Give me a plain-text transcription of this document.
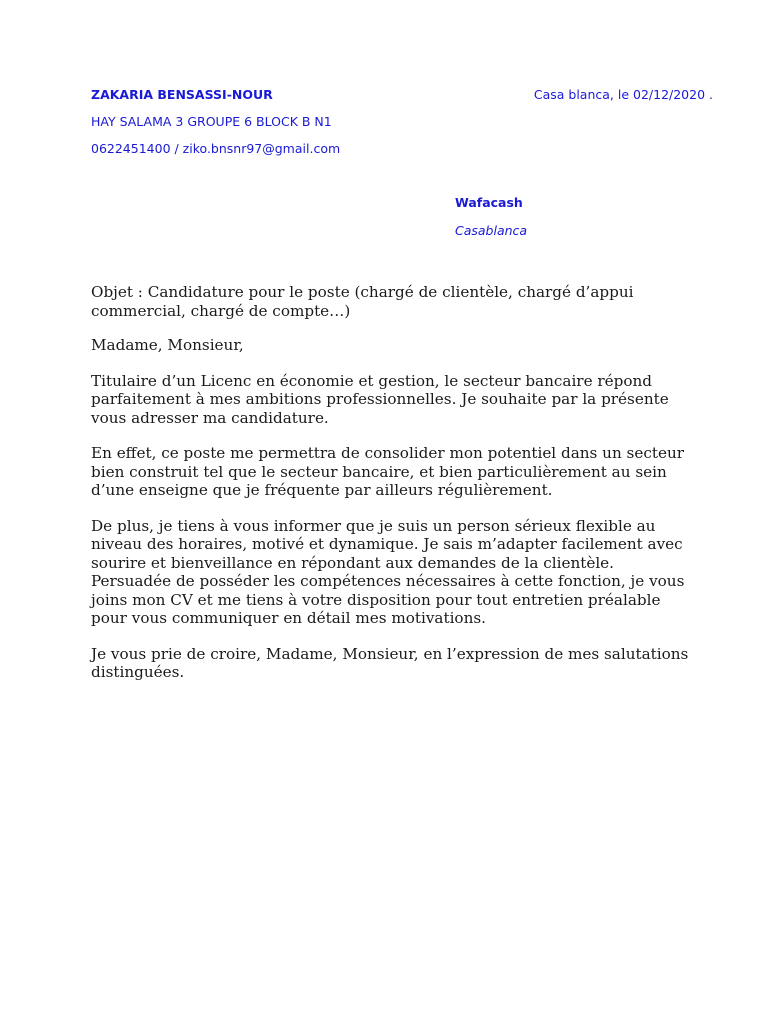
ZAKARIA BENSASSI-NOUR
HAY SALAMA 3 GROUPE 6 BLOCK B N1
0622451400 / ziko.bnsnr97@gmail.com
Casa blanca, le 02/12/2020 .
Wafacash
Casablanca

Objet : Candidature pour le poste (chargé de clientèle, chargé d’appui commercial, chargé de compte…)

Madame, Monsieur,

Titulaire d’un Licenc en économie et gestion, le secteur bancaire répond parfaitement à mes ambitions professionnelles. Je souhaite par la présente vous adresser ma candidature.

En effet, ce poste me permettra de consolider mon potentiel dans un secteur bien construit tel que le secteur bancaire, et bien particulièrement au sein d’une enseigne que je fréquente par ailleurs régulièrement.

De plus, je tiens à vous informer que je suis un person sérieux flexible au niveau des horaires, motivé et dynamique. Je sais m’adapter facilement avec sourire et bienveillance en répondant aux demandes de la clientèle. Persuadée de posséder les compétences nécessaires à cette fonction, je vous joins mon CV et me tiens à votre disposition pour tout entretien préalable pour vous communiquer en détail mes motivations.

Je vous prie de croire, Madame, Monsieur, en l’expression de mes salutations distinguées.
